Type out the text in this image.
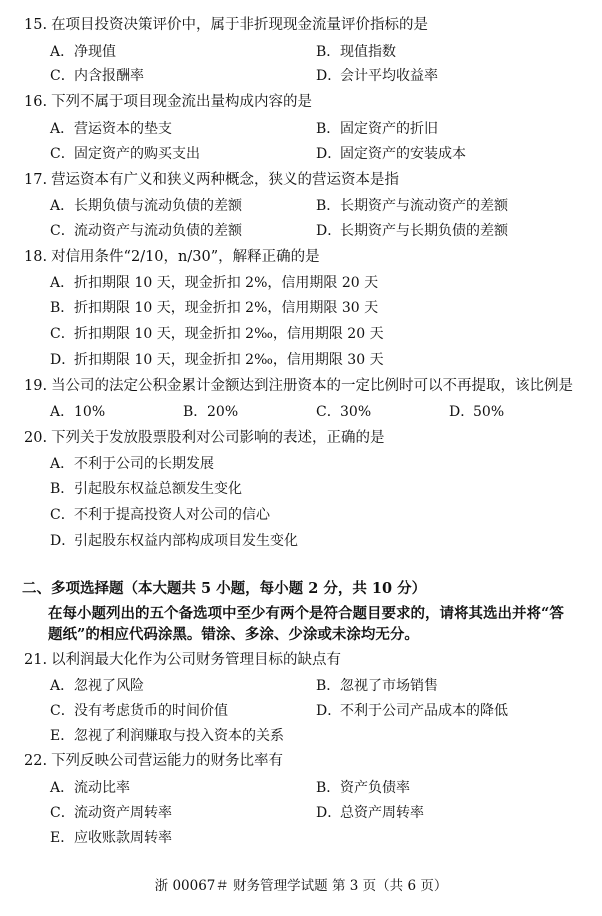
15. 在项目投资决策评价中，属于非折现现金流量评价指标的是
A．净现值	B．现值指数
C．内含报酬率	D．会计平均收益率
16. 下列不属于项目现金流出量构成内容的是
A．营运资本的垫支	B．固定资产的折旧
C．固定资产的购买支出	D．固定资产的安装成本
17. 营运资本有广义和狭义两种概念，狭义的营运资本是指
A．长期负债与流动负债的差额	B．长期资产与流动资产的差额
C．流动资产与流动负债的差额	D．长期资产与长期负债的差额
18. 对信用条件“2/10，n/30”，解释正确的是
A．折扣期限 10 天，现金折扣 2%，信用期限 20 天
B．折扣期限 10 天，现金折扣 2%，信用期限 30 天
C．折扣期限 10 天，现金折扣 2‰，信用期限 20 天
D．折扣期限 10 天，现金折扣 2‰，信用期限 30 天
19. 当公司的法定公积金累计金额达到注册资本的一定比例时可以不再提取，该比例是
A．10%	B．20%	C．30%	D．50%
20. 下列关于发放股票股利对公司影响的表述，正确的是
A．不利于公司的长期发展
B．引起股东权益总额发生变化
C．不利于提高投资人对公司的信心
D．引起股东权益内部构成项目发生变化
二、多项选择题（本大题共 5 小题，每小题 2 分，共 10 分）
在每小题列出的五个备选项中至少有两个是符合题目要求的，请将其选出并将“答
题纸”的相应代码涂黑。错涂、多涂、少涂或未涂均无分。
21. 以利润最大化作为公司财务管理目标的缺点有
A．忽视了风险	B．忽视了市场销售
C．没有考虑货币的时间价值	D．不利于公司产品成本的降低
E．忽视了利润赚取与投入资本的关系
22. 下列反映公司营运能力的财务比率有
A．流动比率	B．资产负债率
C．流动资产周转率	D．总资产周转率
E．应收账款周转率
浙 00067＃ 财务管理学试题 第 3 页（共 6 页）
